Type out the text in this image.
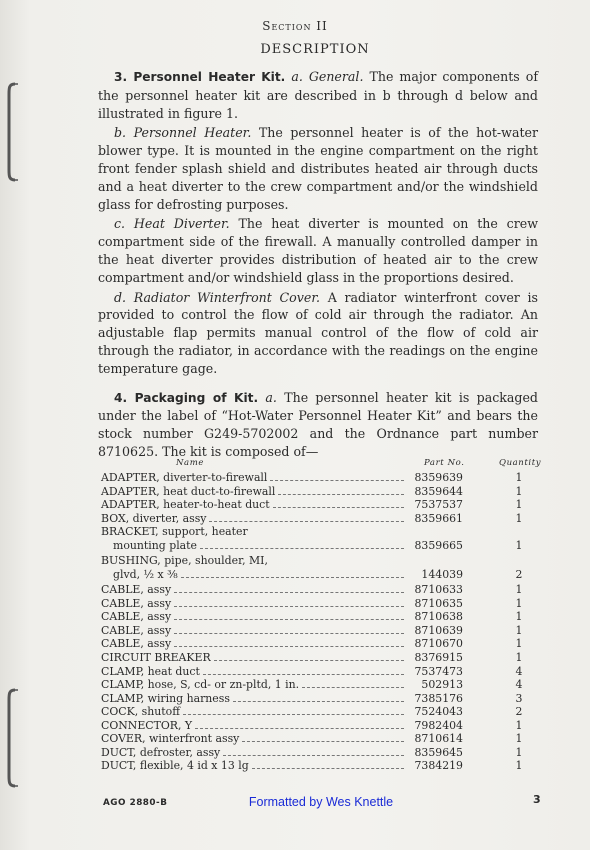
Section II
DESCRIPTION

3. Personnel Heater Kit. a. General. The major components of the personnel heater kit are described in b through d below and illustrated in figure 1.

b. Personnel Heater. The personnel heater is of the hot-water blower type. It is mounted in the engine compartment on the right front fender splash shield and distributes heated air through ducts and a heat diverter to the crew compartment and/or the windshield glass for defrosting purposes.

c. Heat Diverter. The heat diverter is mounted on the crew compartment side of the firewall. A manually controlled damper in the heat diverter provides distribution of heated air to the crew compartment and/or windshield glass in the proportions desired.

d. Radiator Winterfront Cover. A radiator winterfront cover is provided to control the flow of cold air through the radiator. An adjustable flap permits manual control of the flow of cold air through the radiator, in accordance with the readings on the engine temperature gage.

4. Packaging of Kit. a. The personnel heater kit is packaged under the label of “Hot-Water Personnel Heater Kit” and bears the stock number G249-5702002 and the Ordnance part number 8710625. The kit is composed of—

Name	Part No.	Quantity
ADAPTER, diverter-to-firewall	8359639	1
ADAPTER, heat duct-to-firewall	8359644	1
ADAPTER, heater-to-heat duct	7537537	1
BOX, diverter, assy	8359661	1
BRACKET, support, heater
mounting plate	8359665	1
BUSHING, pipe, shoulder, MI,
glvd, ½ x ⅜	144039	2
CABLE, assy	8710633	1
CABLE, assy	8710635	1
CABLE, assy	8710638	1
CABLE, assy	8710639	1
CABLE, assy	8710670	1
CIRCUIT BREAKER	8376915	1
CLAMP, heat duct	7537473	4
CLAMP, hose, S, cd- or zn-pltd, 1 in.	502913	4
CLAMP, wiring harness	7385176	3
COCK, shutoff	7524043	2
CONNECTOR, Y	7982404	1
COVER, winterfront assy	8710614	1
DUCT, defroster, assy	8359645	1
DUCT, flexible, 4 id x 13 lg	7384219	1
AGO 2880-B	Formatted by Wes Knettle	3
